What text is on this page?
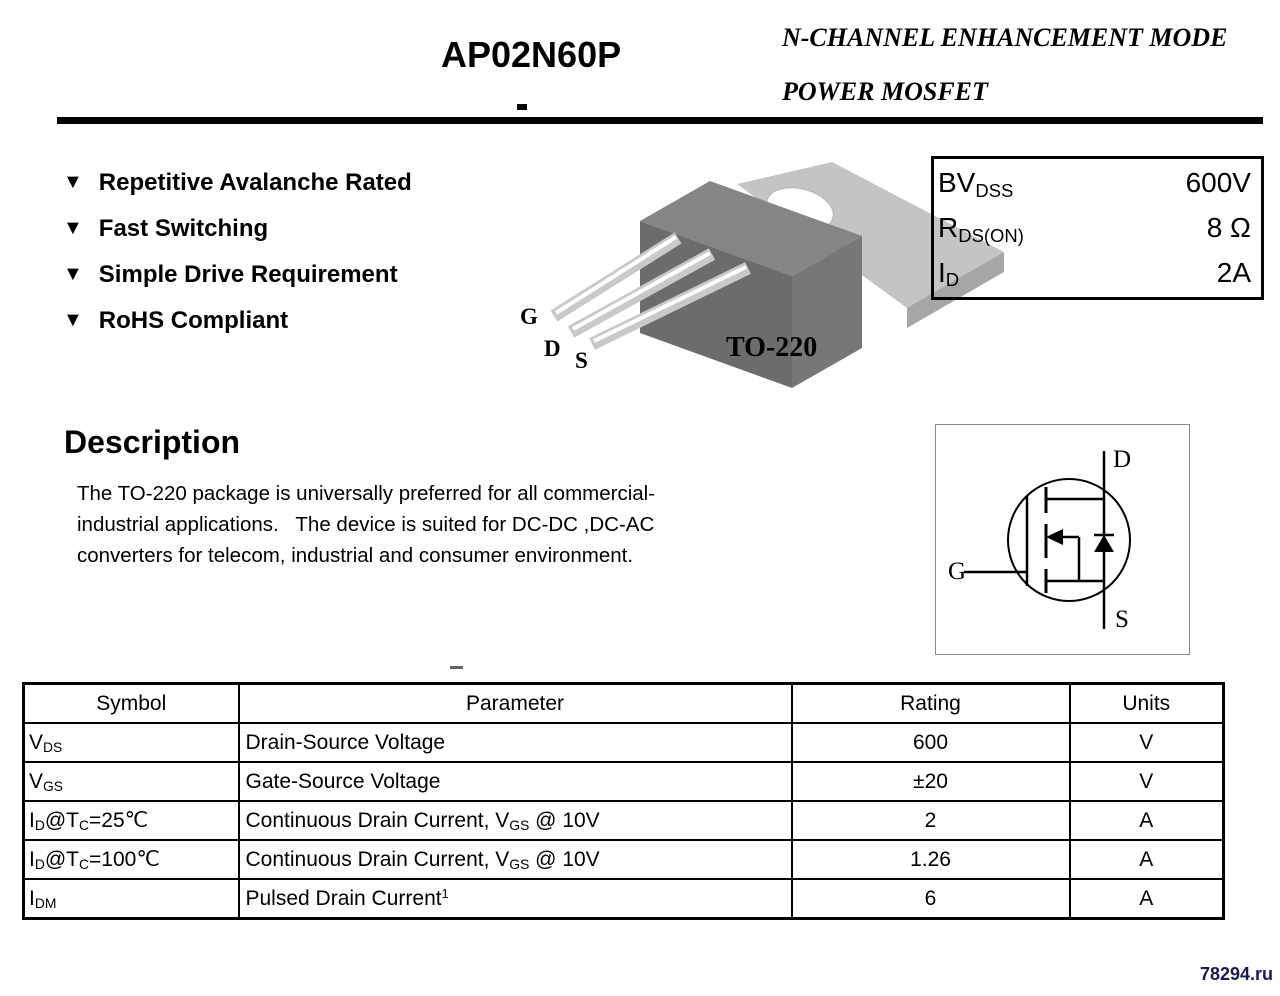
AP02N60P	N-CHANNEL ENHANCEMENT MODE
POWER MOSFET
▼ Repetitive Avalanche Rated
▼ Fast Switching
▼ Simple Drive Requirement
▼ RoHS Compliant	G
D S	TO-220
$BV_{DSS}$	600V
$R_{DS(ON)}$	8 Ω
$I_D$	2A
Description
The TO-220 package is universally preferred for all commercial-
industrial applications.   The device is suited for DC-DC ,DC-AC
converters for telecom, industrial and consumer environment.
D
G
S
Symbol	Parameter	Rating	Units
$V_{DS}$	Drain-Source Voltage	600	V
$V_{GS}$	Gate-Source Voltage	±20	V
$I_D@T_C=25℃$	Continuous Drain Current, $V_{GS}$ @ 10V	2	A
$I_D@T_C=100℃$	Continuous Drain Current, $V_{GS}$ @ 10V	1.26	A
$I_{DM}$	Pulsed Drain Current$^1$	6	A
78294.ru
